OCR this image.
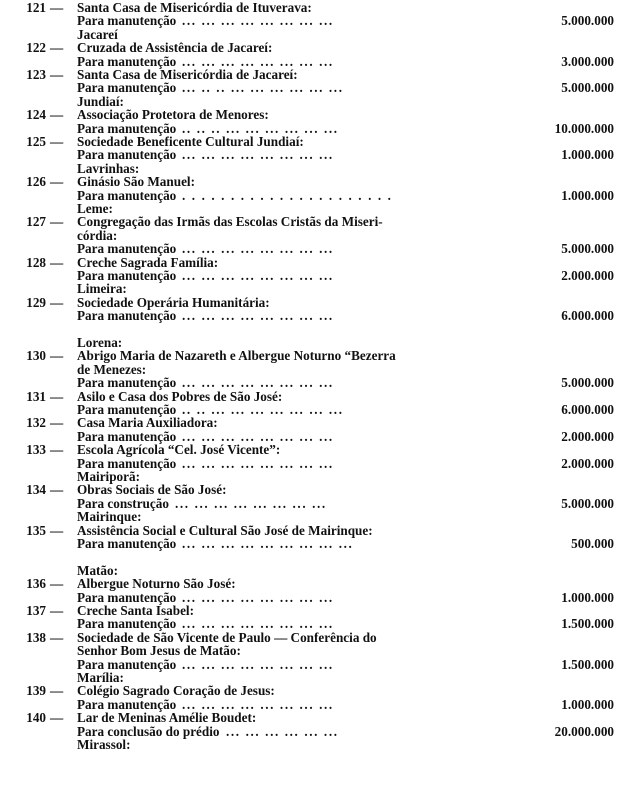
121 — Santa Casa de Misericórdia de Ituverava:
Para manutenção ... ... ... ... ... ... ... ...	5.000.000
Jacareí
122 — Cruzada de Assistência de Jacareí:
Para manutenção ... ... ... ... ... ... ... ...	3.000.000
123 — Santa Casa de Misericórdia de Jacareí:
Para manutenção ... .. .. ... ... ... ... ... ...	5.000.000
Jundiaí:
124 — Associação Protetora de Menores:
Para manutenção .. .. .. ... ... ... ... ... ...	10.000.000
125 — Sociedade Beneficente Cultural Jundiaí:
Para manutenção ... ... ... ... ... ... ... ...	1.000.000
Lavrinhas:
126 — Ginásio São Manuel:
Para manutenção . . . . . . . . . . . . . . . . . . . . . .	1.000.000
Leme:
127 — Congregação das Irmãs das Escolas Cristãs da Miseri-
córdia:
Para manutenção ... ... ... ... ... ... ... ...	5.000.000
128 — Creche Sagrada Família:
Para manutenção ... ... ... ... ... ... ... ...	2.000.000
Limeira:
129 — Sociedade Operária Humanitária:
Para manutenção ... ... ... ... ... ... ... ...	6.000.000
Lorena:
130 — Abrigo Maria de Nazareth e Albergue Noturno “Bezerra
de Menezes:
Para manutenção ... ... ... ... ... ... ... ...	5.000.000
131 — Asilo e Casa dos Pobres de São José:
Para manutenção .. .. ... ... ... ... ... ... ...	6.000.000
132 — Casa Maria Auxiliadora:
Para manutenção ... ... ... ... ... ... ... ...	2.000.000
133 — Escola Agrícola “Cel. José Vicente”:
Para manutenção ... ... ... ... ... ... ... ...	2.000.000
Mairiporã:
134 — Obras Sociais de São José:
Para construção ... ... ... ... ... ... ... ...	5.000.000
Mairinque:
135 — Assistência Social e Cultural São José de Mairinque:
Para manutenção ... ... ... ... ... ... ... ... ...	500.000
Matão:
136 — Albergue Noturno São José:
Para manutenção ... ... ... ... ... ... ... ...	1.000.000
137 — Creche Santa Isabel:
Para manutenção ... ... ... ... ... ... ... ...	1.500.000
138 — Sociedade de São Vicente de Paulo — Conferência do
Senhor Bom Jesus de Matão:
Para manutenção ... ... ... ... ... ... ... ...	1.500.000
Marília:
139 — Colégio Sagrado Coração de Jesus:
Para manutenção ... ... ... ... ... ... ... ...	1.000.000
140 — Lar de Meninas Amélie Boudet:
Para conclusão do prédio ... ... ... ... ... ...	20.000.000
Mirassol:
